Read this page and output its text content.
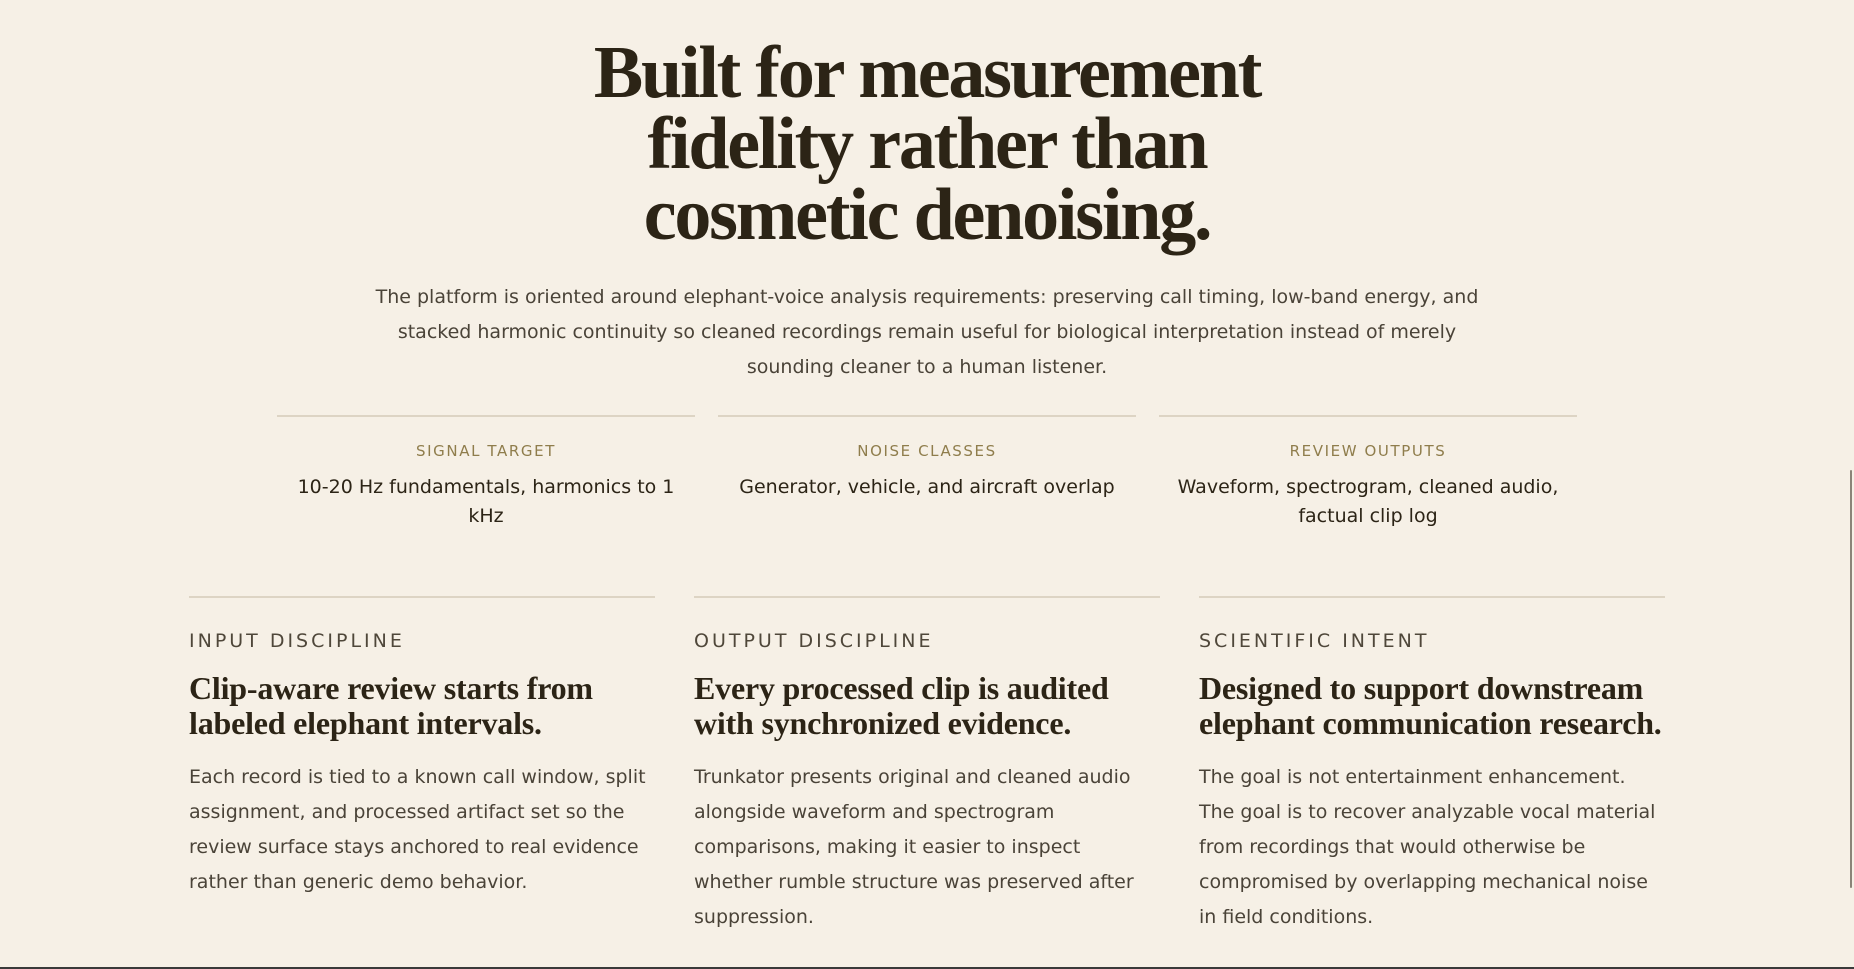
Built for measurement
fidelity rather than
cosmetic denoising.

The platform is oriented around elephant-voice analysis requirements: preserving call timing, low-band energy, and stacked harmonic continuity so cleaned recordings remain useful for biological interpretation instead of merely sounding cleaner to a human listener.

SIGNAL TARGET
10-20 Hz fundamentals, harmonics to 1 kHz
NOISE CLASSES
Generator, vehicle, and aircraft overlap
REVIEW OUTPUTS
Waveform, spectrogram, cleaned audio, factual clip log
INPUT DISCIPLINE
Clip-aware review starts from labeled elephant intervals.

Each record is tied to a known call window, split assignment, and processed artifact set so the review surface stays anchored to real evidence rather than generic demo behavior.

OUTPUT DISCIPLINE
Every processed clip is audited with synchronized evidence.

Trunkator presents original and cleaned audio alongside waveform and spectrogram comparisons, making it easier to inspect whether rumble structure was preserved after suppression.

SCIENTIFIC INTENT
Designed to support downstream elephant communication research.

The goal is not entertainment enhancement. The goal is to recover analyzable vocal material from recordings that would otherwise be compromised by overlapping mechanical noise in field conditions.
